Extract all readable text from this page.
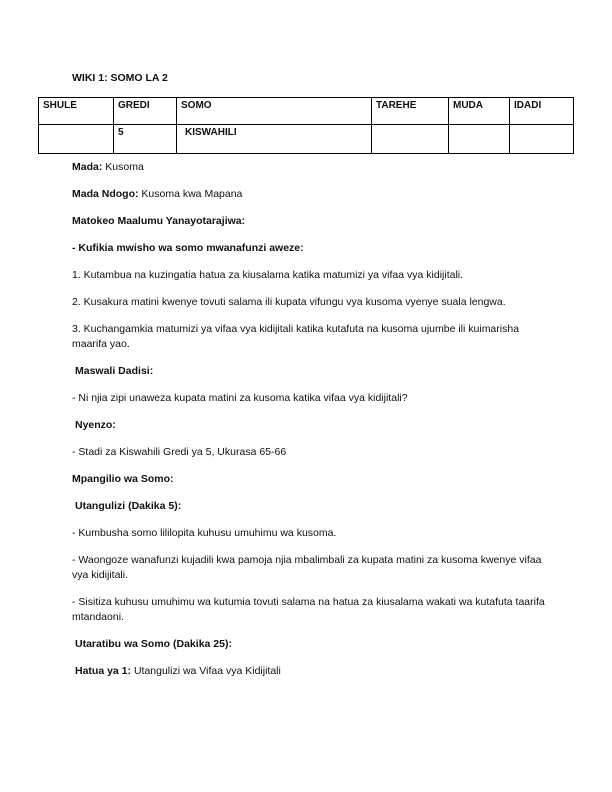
WIKI 1: SOMO LA 2
SHULE	GREDI	SOMO	TAREHE	MUDA	IDADI
	5	KISWAHILI			

Mada: Kusoma

Mada Ndogo: Kusoma kwa Mapana

Matokeo Maalumu Yanayotarajiwa:

- Kufikia mwisho wa somo mwanafunzi aweze:

1. Kutambua na kuzingatia hatua za kiusalama katika matumizi ya vifaa vya kidijitali.

2. Kusakura matini kwenye tovuti salama ili kupata vifungu vya kusoma vyenye suala lengwa.

3. Kuchangamkia matumizi ya vifaa vya kidijitali katika kutafuta na kusoma ujumbe ili kuimarisha maarifa yao.

Maswali Dadisi:

- Ni njia zipi unaweza kupata matini za kusoma katika vifaa vya kidijitali?

Nyenzo:

- Stadi za Kiswahili Gredi ya 5, Ukurasa 65-66

Mpangilio wa Somo:

Utangulizi (Dakika 5):

- Kumbusha somo lililopita kuhusu umuhimu wa kusoma.

- Waongoze wanafunzi kujadili kwa pamoja njia mbalimbali za kupata matini za kusoma kwenye vifaa vya kidijitali.

- Sisitiza kuhusu umuhimu wa kutumia tovuti salama na hatua za kiusalama wakati wa kutafuta taarifa mtandaoni.

Utaratibu wa Somo (Dakika 25):

Hatua ya 1: Utangulizi wa Vifaa vya Kidijitali
